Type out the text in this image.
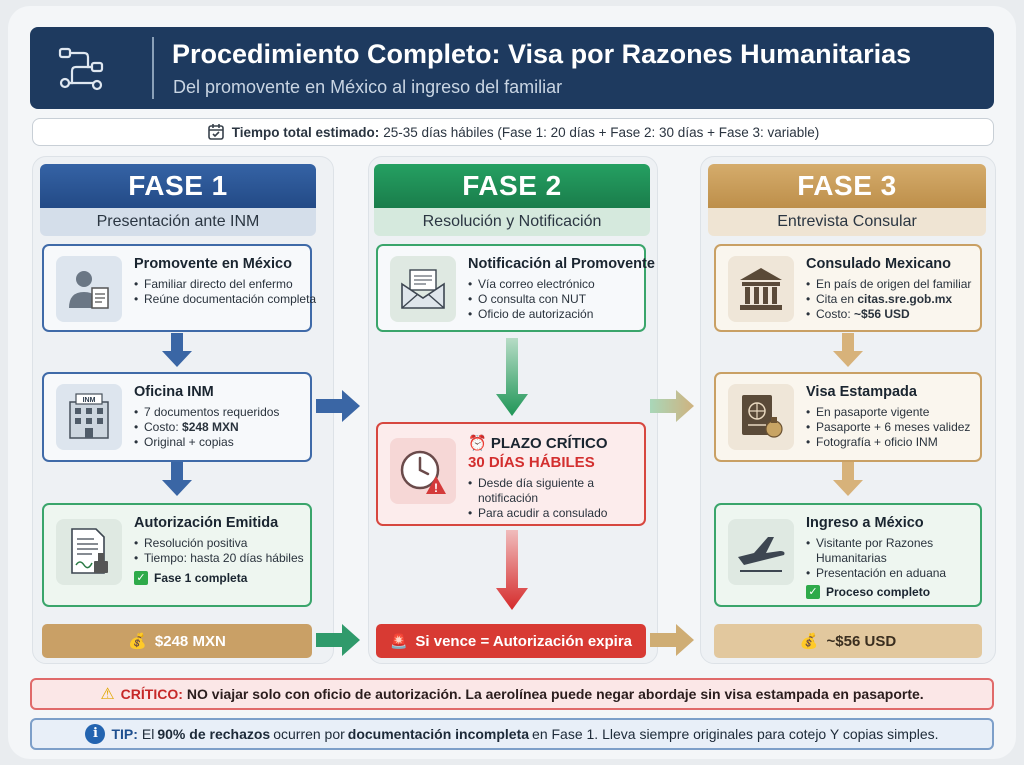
Procedimiento Completo: Visa por Razones Humanitarias
Del promovente en México al ingreso del familiar
Tiempo total estimado: 25-35 días hábiles (Fase 1: 20 días + Fase 2: 30 días + Fase 3: variable)
FASE 1
Presentación ante INM
Promovente en México
• Familiar directo del enfermo
• Reúne documentación completa
INM
Oficina INM
• 7 documentos requeridos
• Costo: $248 MXN
• Original + copias
Autorización Emitida
• Resolución positiva
• Tiempo: hasta 20 días hábiles
✓ Fase 1 completa
💰 $248 MXN
FASE 2
Resolución y Notificación
Notificación al Promovente
• Vía correo electrónico
• O consulta con NUT
• Oficio de autorización
!
⏰ PLAZO CRÍTICO
30 DÍAS HÁBILES
• Desde día siguiente a notificación
• Para acudir a consulado
🚨 Si vence = Autorización expira
FASE 3
Entrevista Consular
Consulado Mexicano
• En país de origen del familiar
• Cita en citas.sre.gob.mx
• Costo: ~$56 USD
Visa Estampada
• En pasaporte vigente
• Pasaporte + 6 meses validez
• Fotografía + oficio INM
Ingreso a México
• Visitante por Razones Humanitarias
• Presentación en aduana
✓ Proceso completo
💰 ~$56 USD
⚠ CRÍTICO: NO viajar solo con oficio de autorización. La aerolínea puede negar abordaje sin visa estampada en pasaporte.
i TIP: El 90% de rechazos ocurren por documentación incompleta en Fase 1. Lleva siempre originales para cotejo Y copias simples.
